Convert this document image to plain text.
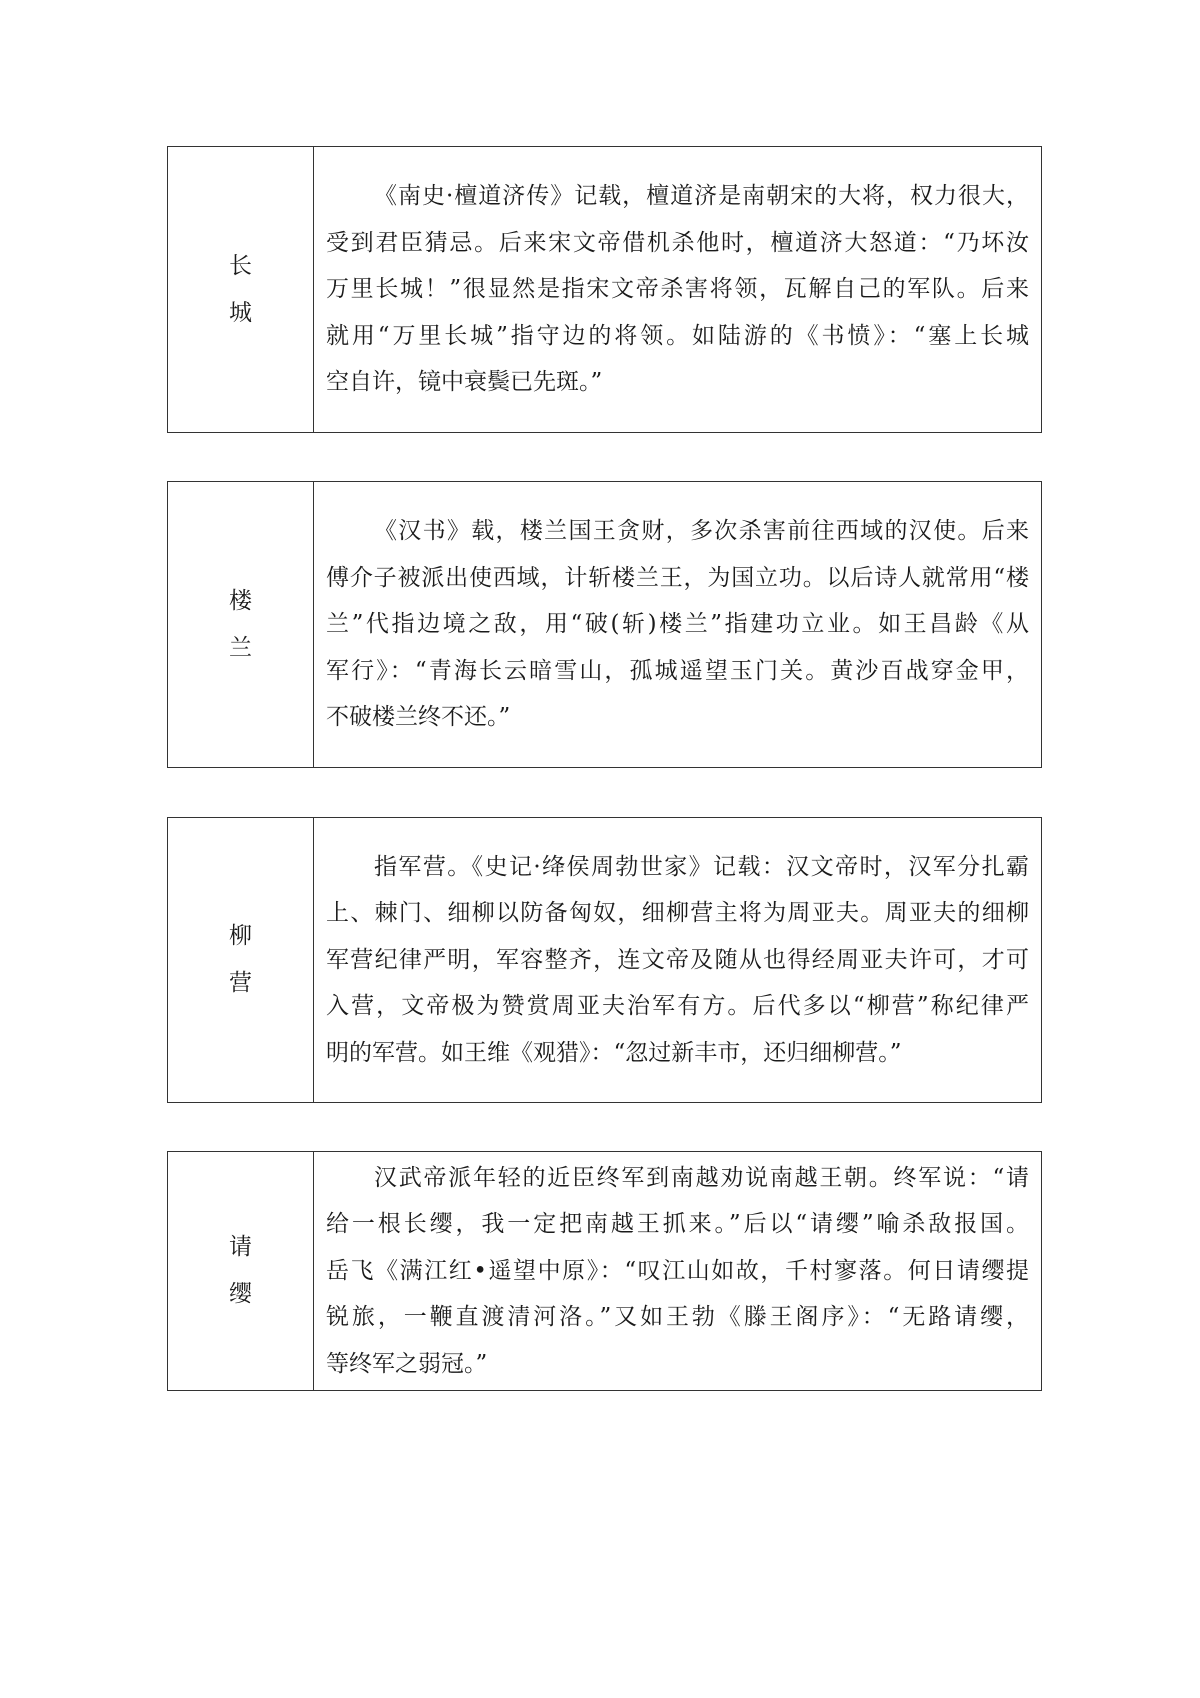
长
城
《南史·檀道济传》记载，檀道济是南朝宋的大将，权力很大，
受到君臣猜忌。后来宋文帝借机杀他时，檀道济大怒道：“乃坏汝
万里长城！”很显然是指宋文帝杀害将领，瓦解自己的军队。后来
就用“万里长城”指守边的将领。如陆游的《书愤》：“塞上长城
空自许，镜中衰鬓已先斑。”
楼
兰
《汉书》载，楼兰国王贪财，多次杀害前往西域的汉使。后来
傅介子被派出使西域，计斩楼兰王，为国立功。以后诗人就常用“楼
兰”代指边境之敌，用“破(斩)楼兰”指建功立业。如王昌龄《从
军行》：“青海长云暗雪山，孤城遥望玉门关。黄沙百战穿金甲，
不破楼兰终不还。”
柳
营
指军营。《史记·绛侯周勃世家》记载：汉文帝时，汉军分扎霸
上、棘门、细柳以防备匈奴，细柳营主将为周亚夫。周亚夫的细柳
军营纪律严明，军容整齐，连文帝及随从也得经周亚夫许可，才可
入营，文帝极为赞赏周亚夫治军有方。后代多以“柳营”称纪律严
明的军营。如王维《观猎》：“忽过新丰市，还归细柳营。”
请
缨
汉武帝派年轻的近臣终军到南越劝说南越王朝。终军说：“请
给一根长缨，我一定把南越王抓来。”后以“请缨”喻杀敌报国。
岳飞《满江红•遥望中原》：“叹江山如故，千村寥落。何日请缨提
锐旅，一鞭直渡清河洛。”又如王勃《滕王阁序》：“无路请缨，
等终军之弱冠。”
